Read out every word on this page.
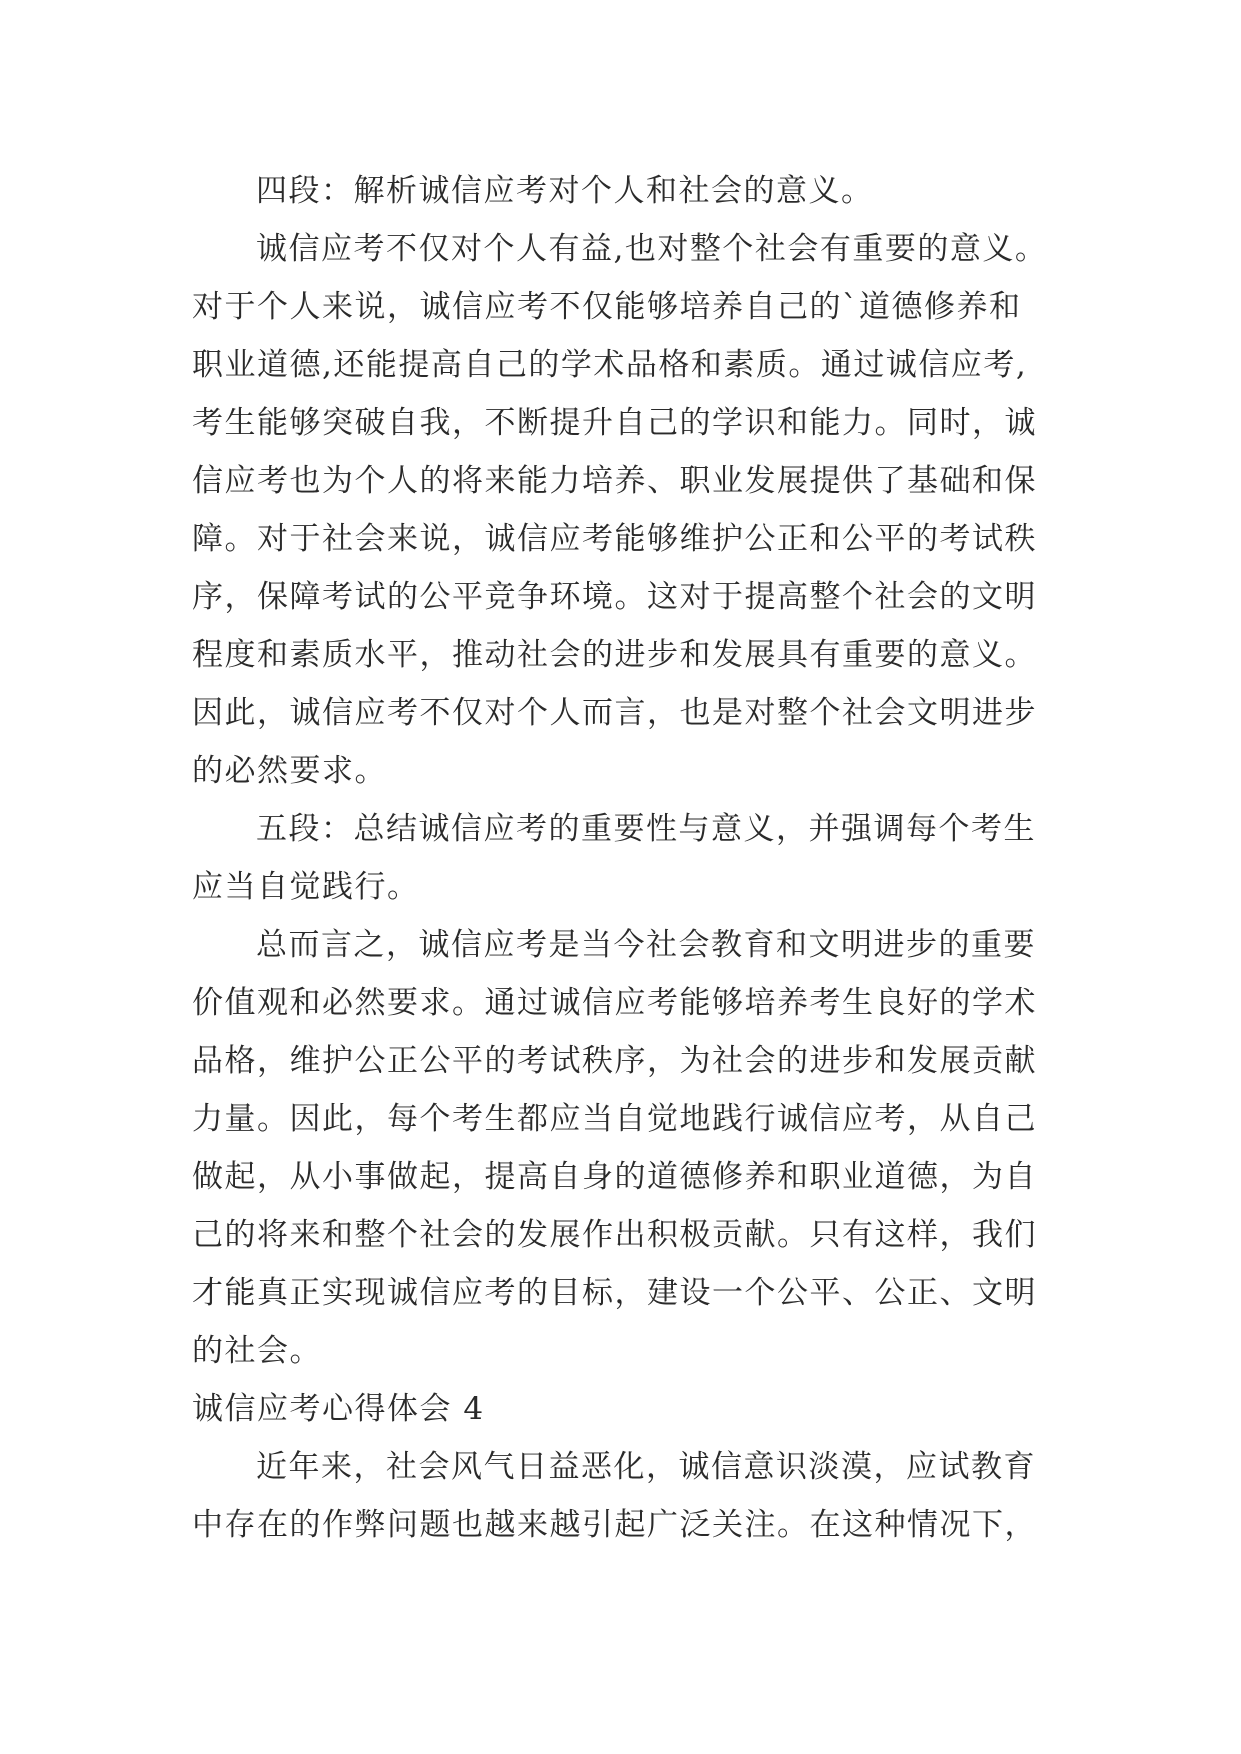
四段：解析诚信应考对个人和社会的意义。
诚信应考不仅对个人有益,也对整个社会有重要的意义。
对于个人来说，诚信应考不仅能够培养自己的`道德修养和
职业道德,还能提高自己的学术品格和素质。通过诚信应考,
考生能够突破自我，不断提升自己的学识和能力。同时，诚
信应考也为个人的将来能力培养、职业发展提供了基础和保
障。对于社会来说，诚信应考能够维护公正和公平的考试秩
序，保障考试的公平竞争环境。这对于提高整个社会的文明
程度和素质水平，推动社会的进步和发展具有重要的意义。
因此，诚信应考不仅对个人而言，也是对整个社会文明进步
的必然要求。
五段：总结诚信应考的重要性与意义，并强调每个考生
应当自觉践行。
总而言之，诚信应考是当今社会教育和文明进步的重要
价值观和必然要求。通过诚信应考能够培养考生良好的学术
品格，维护公正公平的考试秩序，为社会的进步和发展贡献
力量。因此，每个考生都应当自觉地践行诚信应考，从自己
做起，从小事做起，提高自身的道德修养和职业道德，为自
己的将来和整个社会的发展作出积极贡献。只有这样，我们
才能真正实现诚信应考的目标，建设一个公平、公正、文明
的社会。
诚信应考心得体会 4
近年来，社会风气日益恶化，诚信意识淡漠，应试教育
中存在的作弊问题也越来越引起广泛关注。在这种情况下，
